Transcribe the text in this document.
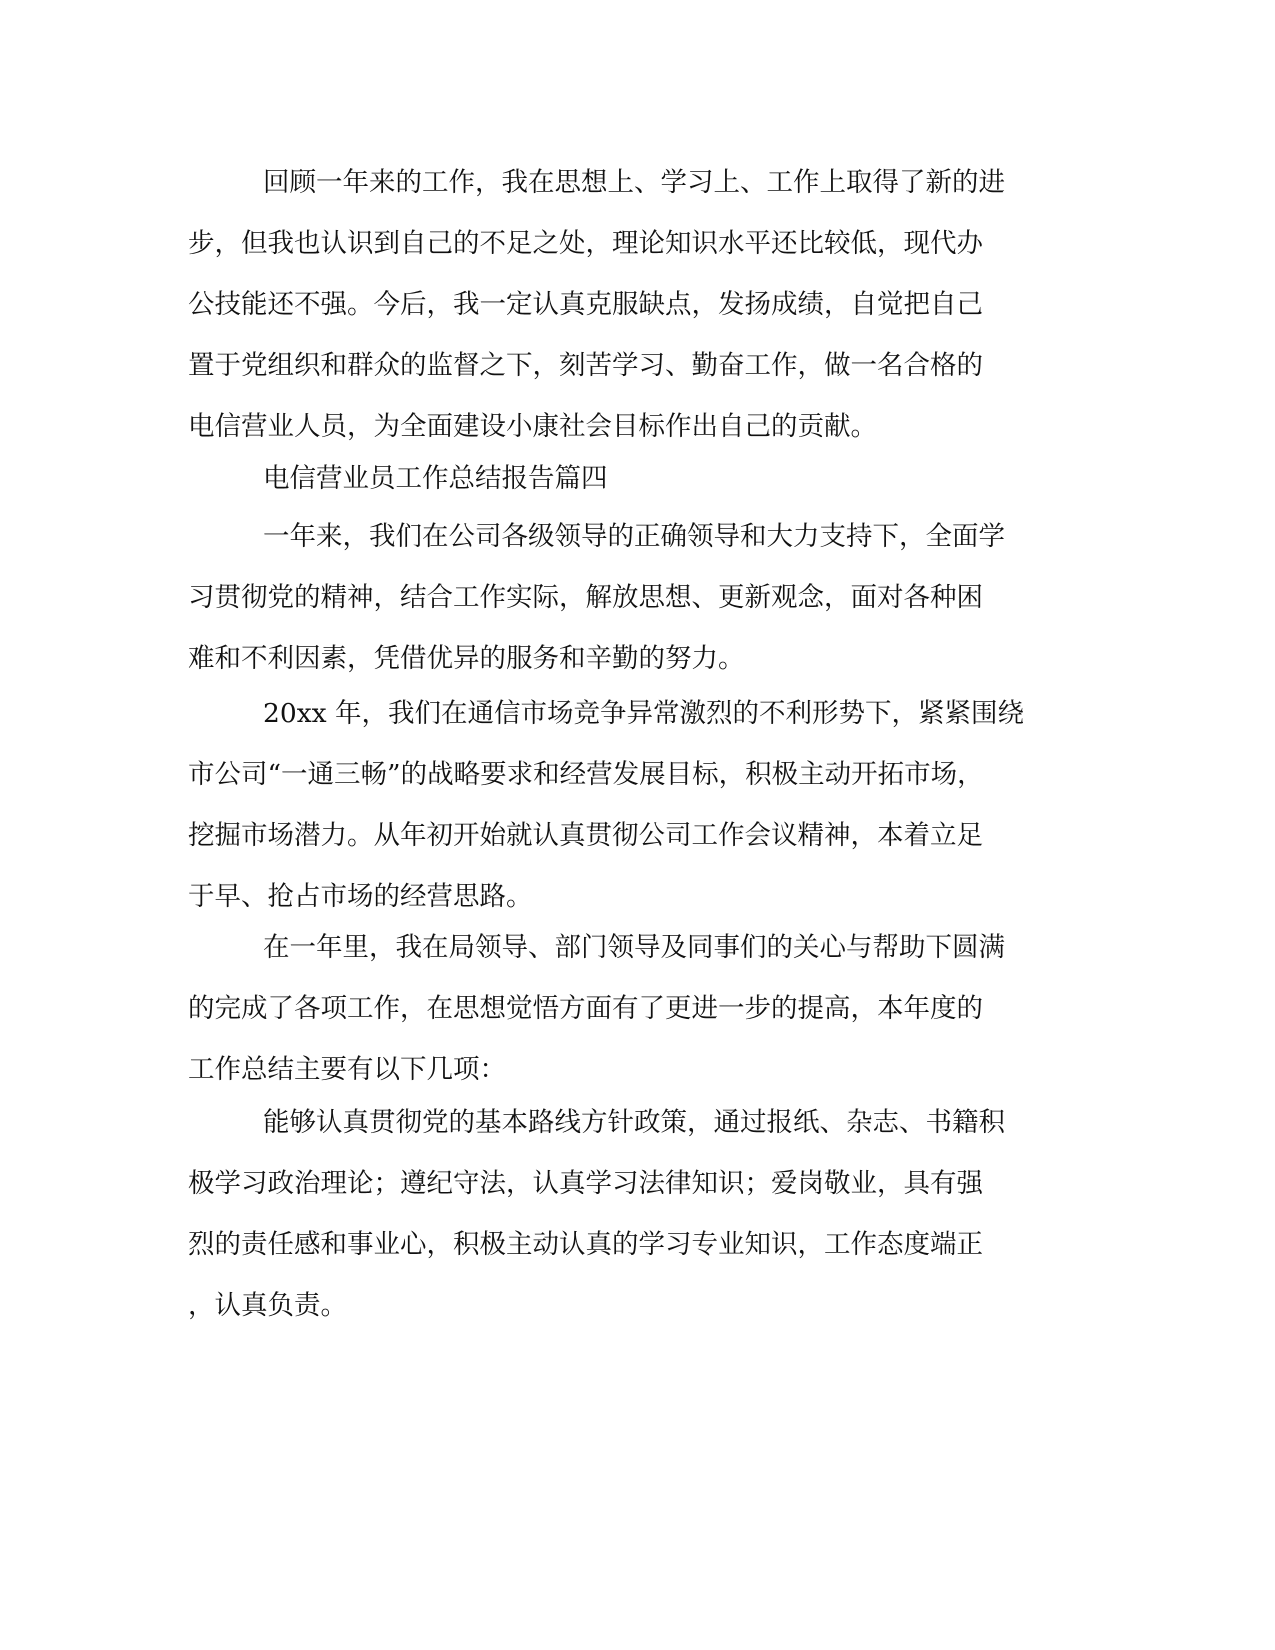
回顾一年来的工作，我在思想上、学习上、工作上取得了新的进
步，但我也认识到自己的不足之处，理论知识水平还比较低，现代办
公技能还不强。今后，我一定认真克服缺点，发扬成绩，自觉把自己
置于党组织和群众的监督之下，刻苦学习、勤奋工作，做一名合格的
电信营业人员，为全面建设小康社会目标作出自己的贡献。
电信营业员工作总结报告篇四
一年来，我们在公司各级领导的正确领导和大力支持下，全面学
习贯彻党的精神，结合工作实际，解放思想、更新观念，面对各种困
难和不利因素，凭借优异的服务和辛勤的努力。
20xx 年，我们在通信市场竞争异常激烈的不利形势下，紧紧围绕
市公司“一通三畅”的战略要求和经营发展目标，积极主动开拓市场，
挖掘市场潜力。从年初开始就认真贯彻公司工作会议精神，本着立足
于早、抢占市场的经营思路。
在一年里，我在局领导、部门领导及同事们的关心与帮助下圆满
的完成了各项工作，在思想觉悟方面有了更进一步的提高，本年度的
工作总结主要有以下几项：
能够认真贯彻党的基本路线方针政策，通过报纸、杂志、书籍积
极学习政治理论；遵纪守法，认真学习法律知识；爱岗敬业，具有强
烈的责任感和事业心，积极主动认真的学习专业知识，工作态度端正
，认真负责。
